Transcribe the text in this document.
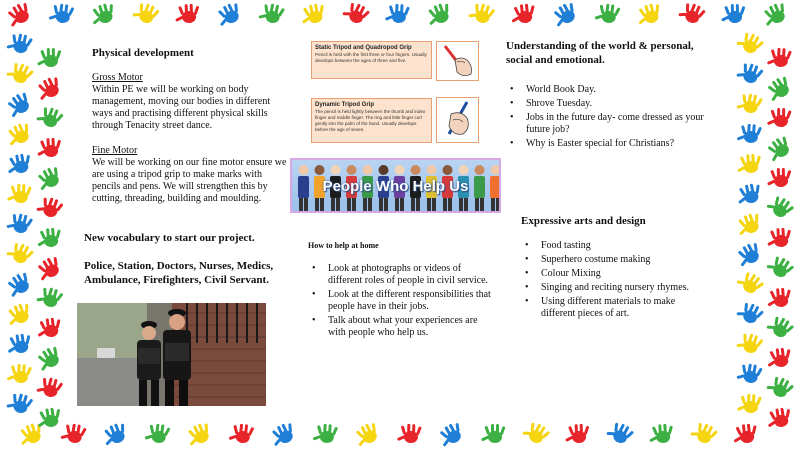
Physical development
Gross Motor
Within PE we will be working on body management, moving our bodies in different ways and practising different physical skills through Tenacity street dance.
Fine Motor
We will be working on our fine motor ensure we are using a tripod grip to make marks with pencils and pens. We will strengthen this by cutting, threading, building and moulding.
New vocabulary to start our project.
Police, Station, Doctors, Nurses, Medics, Ambulance, Firefighters, Civil Servant.
Static Tripod and Quadropod Grip
Pencil is held with the first three or four fingers. Usually develops between the ages of three and five.
Dynamic Tripod Grip
The pencil is held lightly between the thumb and index finger and middle finger. The ring and little finger curl gently into the palm of the hand. Usually develops before the age of seven.
People Who Help Us
How to help at home
• Look at photographs or videos of different roles of people in civil service.
• Look at the different responsibilities that people have in their jobs.
• Talk about what your experiences are with people who help us.
Understanding of the world & personal, social and emotional.
• World Book Day.
• Shrove Tuesday.
• Jobs in the future day- come dressed as your future job?
• Why is Easter special for Christians?
Expressive arts and design
• Food tasting
• Superhero costume making
• Colour Mixing
• Singing and reciting nursery rhymes.
• Using different materials to make different pieces of art.
